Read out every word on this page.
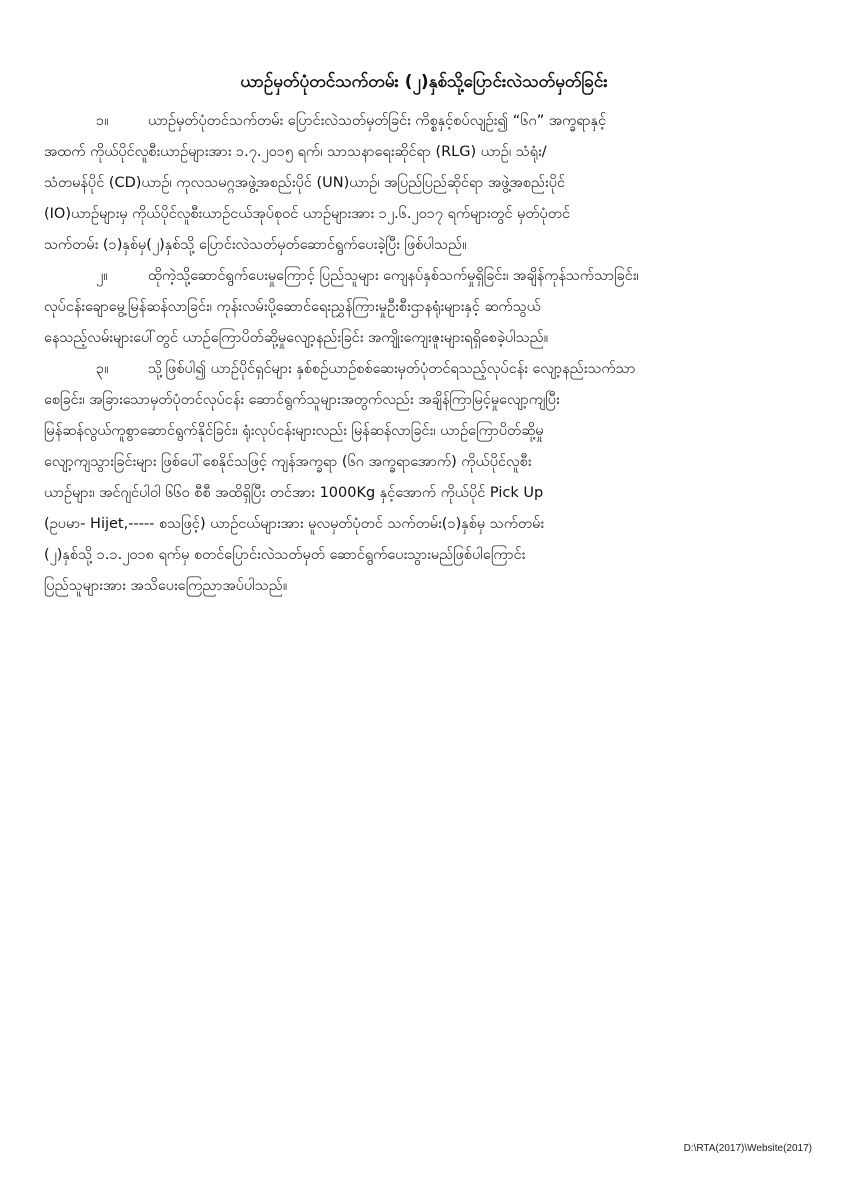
ယာဉ်မှတ်ပုံတင်သက်တမ်း (၂)နှစ်သို့ပြောင်းလဲသတ်မှတ်ခြင်း
၁။	ယာဉ်မှတ်ပုံတင်သက်တမ်း ပြောင်းလဲသတ်မှတ်ခြင်း ကိစ္စနှင့်စပ်လျဉ်း၍ “၆ဂ” အက္ခရာနှင့်
အထက် ကိုယ်ပိုင်လူစီးယာဉ်များအား ၁.၇.၂၀၁၅ ရက်၊ သာသနာရေးဆိုင်ရာ (RLG) ယာဉ်၊ သံရုံး/
သံတမန်ပိုင် (CD)ယာဉ်၊ ကုလသမဂ္ဂအဖွဲ့အစည်းပိုင် (UN)ယာဉ်၊ အပြည်ပြည်ဆိုင်ရာ အဖွဲ့အစည်းပိုင်
(IO)ယာဉ်များမှ ကိုယ်ပိုင်လူစီးယာဉ်ငယ်အုပ်စုဝင် ယာဉ်များအား ၁၂.၆.၂၀၁၇ ရက်များတွင် မှတ်ပုံတင်
သက်တမ်း (၁)နှစ်မှ(၂)နှစ်သို့ ပြောင်းလဲသတ်မှတ်ဆောင်ရွက်ပေးခဲ့ပြီး ဖြစ်ပါသည်။
၂။	ထိုကဲ့သို့ဆောင်ရွက်ပေးမှုကြောင့် ပြည်သူများ ကျေနပ်နှစ်သက်မှုရှိခြင်း၊ အချိန်ကုန်သက်သာခြင်း၊
လုပ်ငန်းချောမွေ့မြန်ဆန်လာခြင်း၊ ကုန်းလမ်းပို့ဆောင်ရေးညွှန်ကြားမှုဦးစီးဌာနရုံးများနှင့် ဆက်သွယ်
နေသည့်လမ်းများပေါ်တွင် ယာဉ်ကြောပိတ်ဆို့မှုလျော့နည်းခြင်း အကျိုးကျေးဇူးများရရှိစေခဲ့ပါသည်။
၃။	သို့ဖြစ်ပါ၍ ယာဉ်ပိုင်ရှင်များ နှစ်စဉ်ယာဉ်စစ်ဆေးမှတ်ပုံတင်ရသည့်လုပ်ငန်း လျော့နည်းသက်သာ
စေခြင်း၊ အခြားသောမှတ်ပုံတင်လုပ်ငန်း ဆောင်ရွက်သူများအတွက်လည်း အချိန်ကြာမြင့်မှုလျော့ကျပြီး
မြန်ဆန်လွယ်ကူစွာဆောင်ရွက်နိုင်ခြင်း၊ ရုံးလုပ်ငန်းများလည်း မြန်ဆန်လာခြင်း၊ ယာဉ်ကြောပိတ်ဆို့မှု
လျော့ကျသွားခြင်းများ ဖြစ်ပေါ်စေနိုင်သဖြင့် ကျန်အက္ခရာ (၆ဂ အက္ခရာအောက်) ကိုယ်ပိုင်လူစီး
ယာဉ်များ၊ အင်ဂျင်ပါဝါ ၆၆၀ စီစီ အထိရှိပြီး တင်အား 1000Kg နှင့်အောက် ကိုယ်ပိုင် Pick Up
(ဥပမာ- Hijet,----- စသဖြင့်) ယာဉ်ငယ်များအား မူလမှတ်ပုံတင် သက်တမ်း(၁)နှစ်မှ သက်တမ်း
(၂)နှစ်သို့ ၁.၁.၂၀၁၈ ရက်မှ စတင်ပြောင်းလဲသတ်မှတ် ဆောင်ရွက်ပေးသွားမည်ဖြစ်ပါကြောင်း
ပြည်သူများအား အသိပေးကြေညာအပ်ပါသည်။
D:\RTA(2017)\Website(2017)
